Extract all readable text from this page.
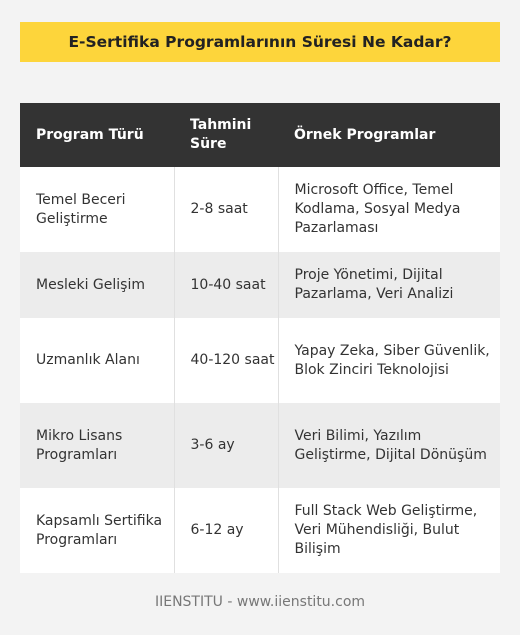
E-Sertifika Programlarının Süresi Ne Kadar?
Program Türü	Tahmini Süre	Örnek Programlar
Temel Beceri Geliştirme	2-8 saat	Microsoft Office, Temel Kodlama, Sosyal Medya Pazarlaması
Mesleki Gelişim	10-40 saat	Proje Yönetimi, Dijital Pazarlama, Veri Analizi
Uzmanlık Alanı	40-120 saat	Yapay Zeka, Siber Güvenlik, Blok Zinciri Teknolojisi
Mikro Lisans Programları	3-6 ay	Veri Bilimi, Yazılım Geliştirme, Dijital Dönüşüm
Kapsamlı Sertifika Programları	6-12 ay	Full Stack Web Geliştirme, Veri Mühendisliği, Bulut Bilişim
IIENSTITU - www.iienstitu.com
